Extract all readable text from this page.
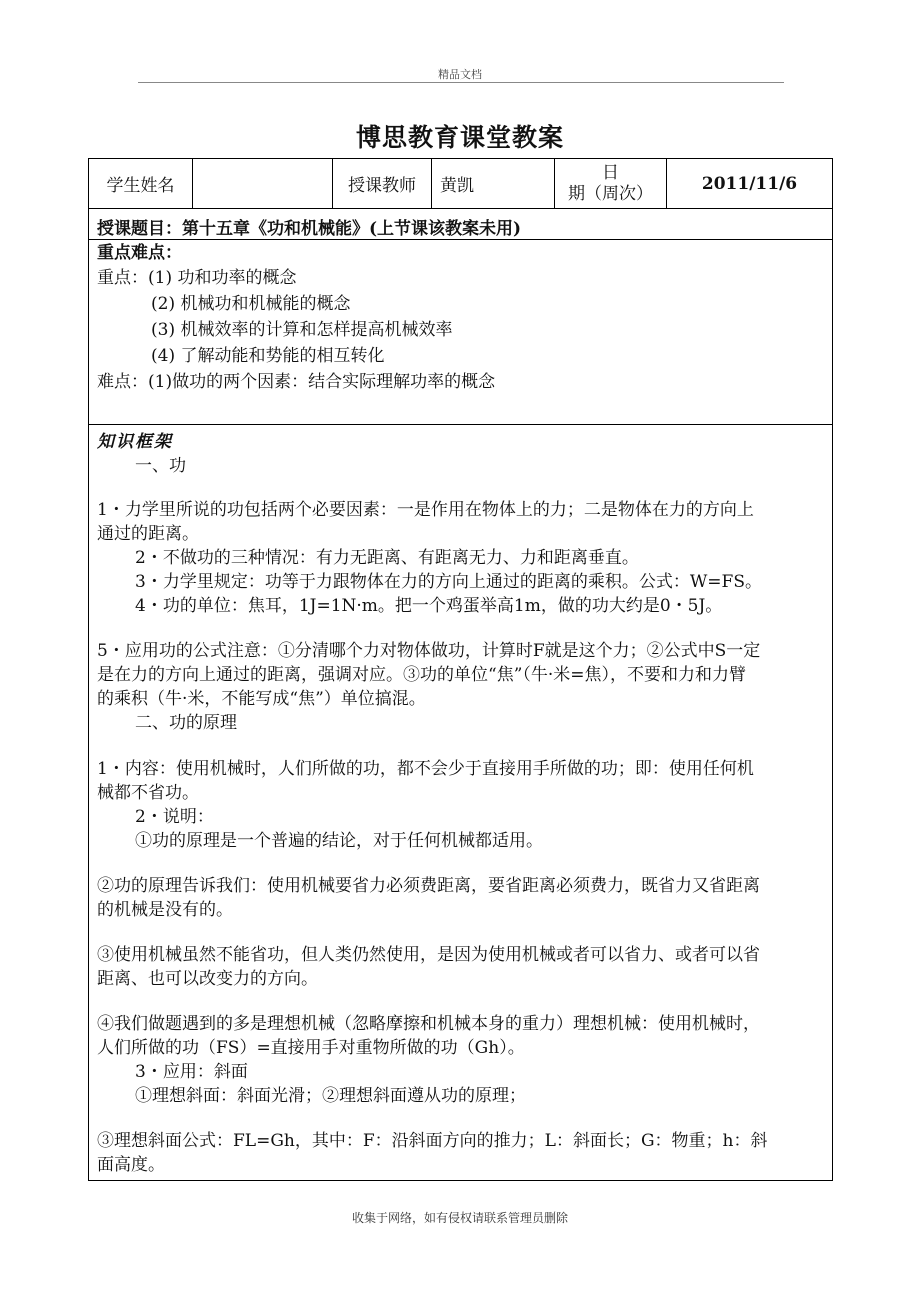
精品文档
博思教育课堂教案
学生姓名	授课教师 黄凯
日
期（周次）	2011/11/6
授课题目：第十五章《功和机械能》(上节课该教案未用)
重点难点：
重点：(1) 功和功率的概念
(2) 机械功和机械能的概念
(3) 机械效率的计算和怎样提高机械效率
(4) 了解动能和势能的相互转化
难点：(1)做功的两个因素：结合实际理解功率的概念
知识框架
一、功
1・力学里所说的功包括两个必要因素：一是作用在物体上的力；二是物体在力的方向上
通过的距离。
2・不做功的三种情况：有力无距离、有距离无力、力和距离垂直。
3・力学里规定：功等于力跟物体在力的方向上通过的距离的乘积。公式：W=FS。
4・功的单位：焦耳，1J=1N·m。把一个鸡蛋举高1m，做的功大约是0・5J。
5・应用功的公式注意：①分清哪个力对物体做功，计算时F就是这个力；②公式中S一定
是在力的方向上通过的距离，强调对应。③功的单位“焦”（牛·米=焦），不要和力和力臂
的乘积（牛·米，不能写成“焦”）单位搞混。
二、功的原理
1・内容：使用机械时，人们所做的功，都不会少于直接用手所做的功；即：使用任何机
械都不省功。
2・说明：
①功的原理是一个普遍的结论，对于任何机械都适用。
②功的原理告诉我们：使用机械要省力必须费距离，要省距离必须费力，既省力又省距离
的机械是没有的。
③使用机械虽然不能省功，但人类仍然使用，是因为使用机械或者可以省力、或者可以省
距离、也可以改变力的方向。
④我们做题遇到的多是理想机械（忽略摩擦和机械本身的重力）理想机械：使用机械时，
人们所做的功（FS）=直接用手对重物所做的功（Gh）。
3・应用：斜面
①理想斜面：斜面光滑；②理想斜面遵从功的原理；
③理想斜面公式：FL=Gh，其中：F：沿斜面方向的推力；L：斜面长；G：物重；h：斜
面高度。
收集于网络，如有侵权请联系管理员删除
